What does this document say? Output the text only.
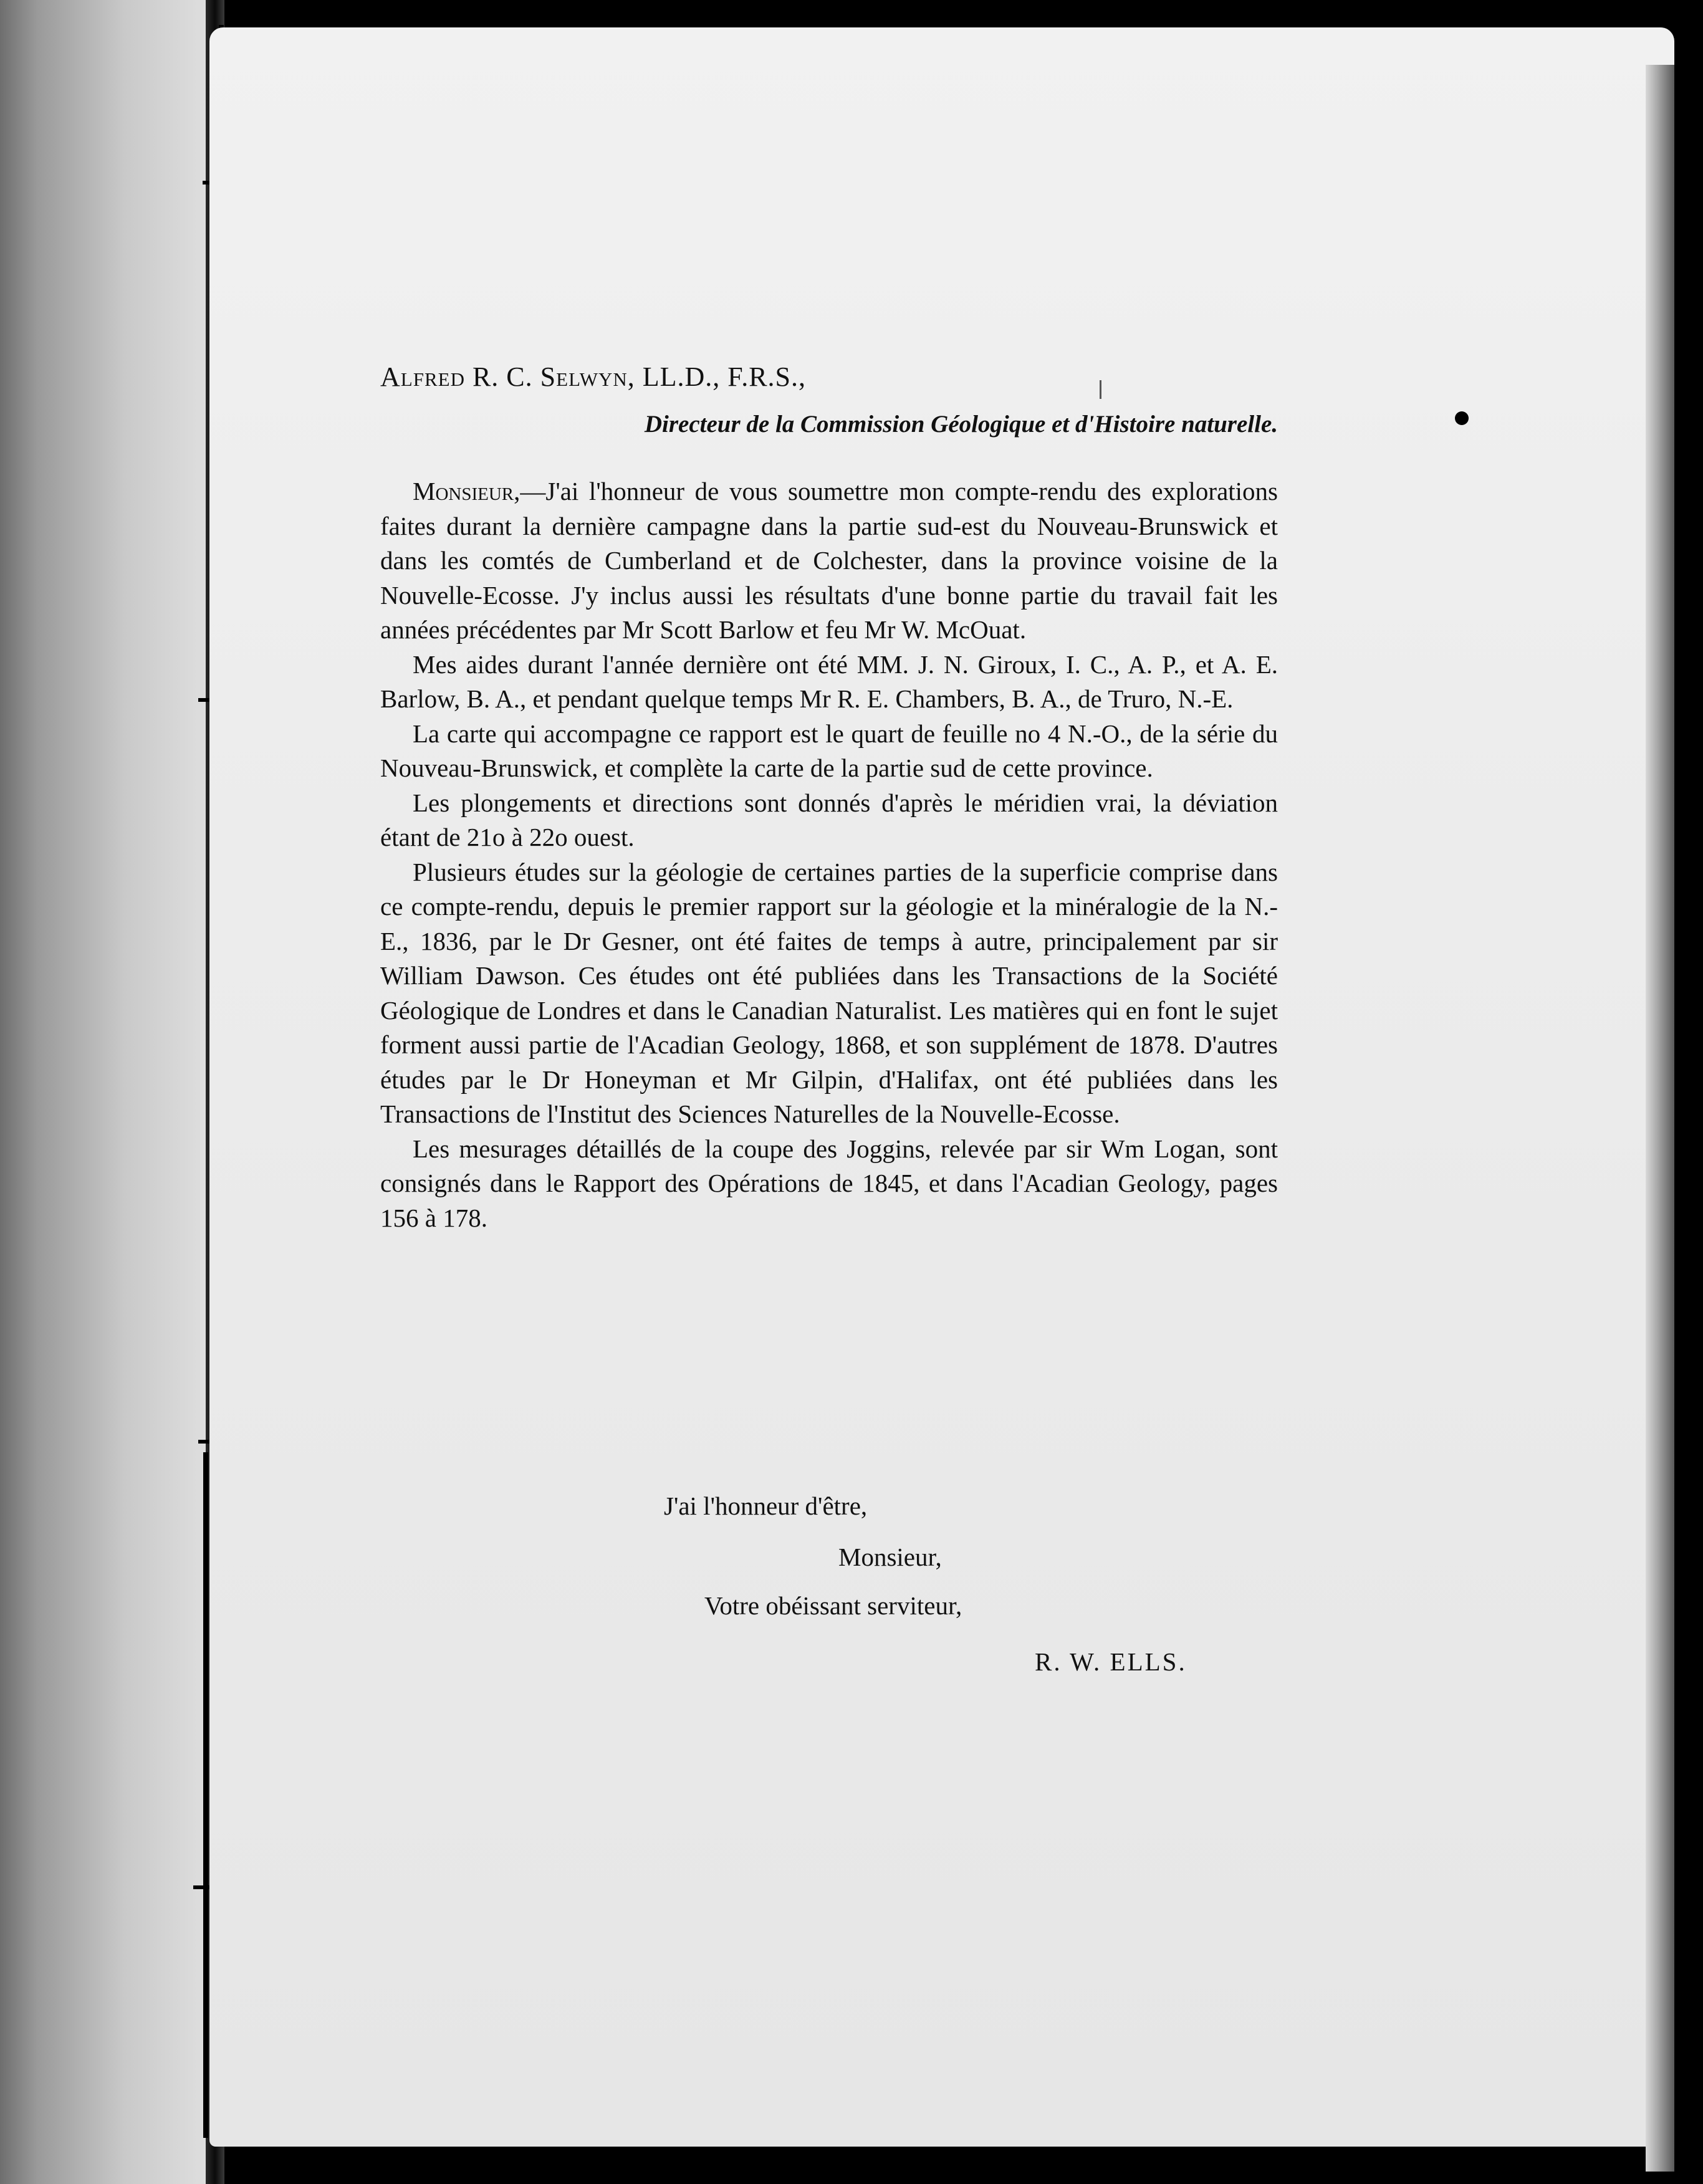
Alfred R. C. Selwyn, LL.D., F.R.S.,

Directeur de la Commission Géologique et d'Histoire naturelle.

Monsieur,—J'ai l'honneur de vous soumettre mon compte-rendu des explorations faites durant la dernière campagne dans la partie sud-est du Nouveau-Brunswick et dans les comtés de Cumberland et de Colchester, dans la province voisine de la Nouvelle-Ecosse. J'y inclus aussi les résultats d'une bonne partie du travail fait les années précédentes par Mr Scott Barlow et feu Mr W. McOuat.

Mes aides durant l'année dernière ont été MM. J. N. Giroux, I. C., A. P., et A. E. Barlow, B. A., et pendant quelque temps Mr R. E. Chambers, B. A., de Truro, N.-E.

La carte qui accompagne ce rapport est le quart de feuille no 4 N.-O., de la série du Nouveau-Brunswick, et complète la carte de la partie sud de cette province.

Les plongements et directions sont donnés d'après le méridien vrai, la déviation étant de 21o à 22o ouest.

Plusieurs études sur la géologie de certaines parties de la superficie comprise dans ce compte-rendu, depuis le premier rapport sur la géologie et la minéralogie de la N.-E., 1836, par le Dr Gesner, ont été faites de temps à autre, principalement par sir William Dawson. Ces études ont été publiées dans les Transactions de la Société Géologique de Londres et dans le Canadian Naturalist. Les matières qui en font le sujet forment aussi partie de l'Acadian Geology, 1868, et son supplément de 1878. D'autres études par le Dr Honeyman et Mr Gilpin, d'Halifax, ont été publiées dans les Transactions de l'Institut des Sciences Naturelles de la Nouvelle-Ecosse.

Les mesurages détaillés de la coupe des Joggins, relevée par sir Wm Logan, sont consignés dans le Rapport des Opérations de 1845, et dans l'Acadian Geology, pages 156 à 178.

J'ai l'honneur d'être,
Monsieur,
Votre obéissant serviteur,
R. W. ELLS.
